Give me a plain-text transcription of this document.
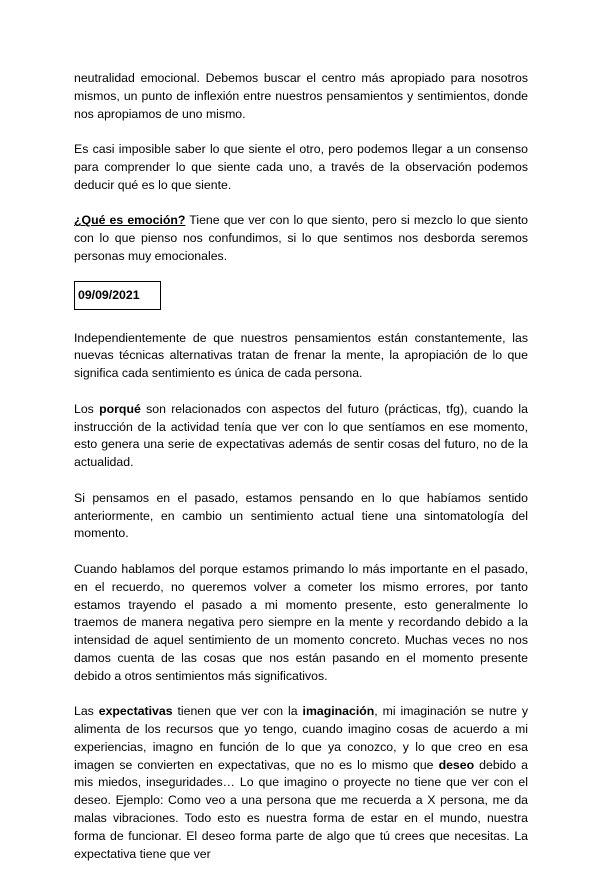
neutralidad emocional. Debemos buscar el centro más apropiado para nosotros mismos, un punto de inflexión entre nuestros pensamientos y sentimientos, donde nos apropiamos de uno mismo.

Es casi imposible saber lo que siente el otro, pero podemos llegar a un consenso para comprender lo que siente cada uno, a través de la observación podemos deducir qué es lo que siente.

¿Qué es emoción? Tiene que ver con lo que siento, pero si mezclo lo que siento con lo que pienso nos confundimos, si lo que sentimos nos desborda seremos personas muy emocionales.

09/09/2021

Independientemente de que nuestros pensamientos están constantemente, las nuevas técnicas alternativas tratan de frenar la mente, la apropiación de lo que significa cada sentimiento es única de cada persona.

Los porqué son relacionados con aspectos del futuro (prácticas, tfg), cuando la instrucción de la actividad tenía que ver con lo que sentíamos en ese momento, esto genera una serie de expectativas además de sentir cosas del futuro, no de la actualidad.

Si pensamos en el pasado, estamos pensando en lo que habíamos sentido anteriormente, en cambio un sentimiento actual tiene una sintomatología del momento.

Cuando hablamos del porque estamos primando lo más importante en el pasado, en el recuerdo, no queremos volver a cometer los mismo errores, por tanto estamos trayendo el pasado a mi momento presente, esto generalmente lo traemos de manera negativa pero siempre en la mente y recordando debido a la intensidad de aquel sentimiento de un momento concreto. Muchas veces no nos damos cuenta de las cosas que nos están pasando en el momento presente debido a otros sentimientos más significativos.

Las expectativas tienen que ver con la imaginación, mi imaginación se nutre y alimenta de los recursos que yo tengo, cuando imagino cosas de acuerdo a mi experiencias, imagno en función de lo que ya conozco, y lo que creo en esa imagen se convierten en expectativas, que no es lo mismo que deseo debido a mis miedos, inseguridades… Lo que imagino o proyecte no tiene que ver con el deseo. Ejemplo: Como veo a una persona que me recuerda a X persona, me da malas vibraciones. Todo esto es nuestra forma de estar en el mundo, nuestra forma de funcionar. El deseo forma parte de algo que tú crees que necesitas. La expectativa tiene que ver
